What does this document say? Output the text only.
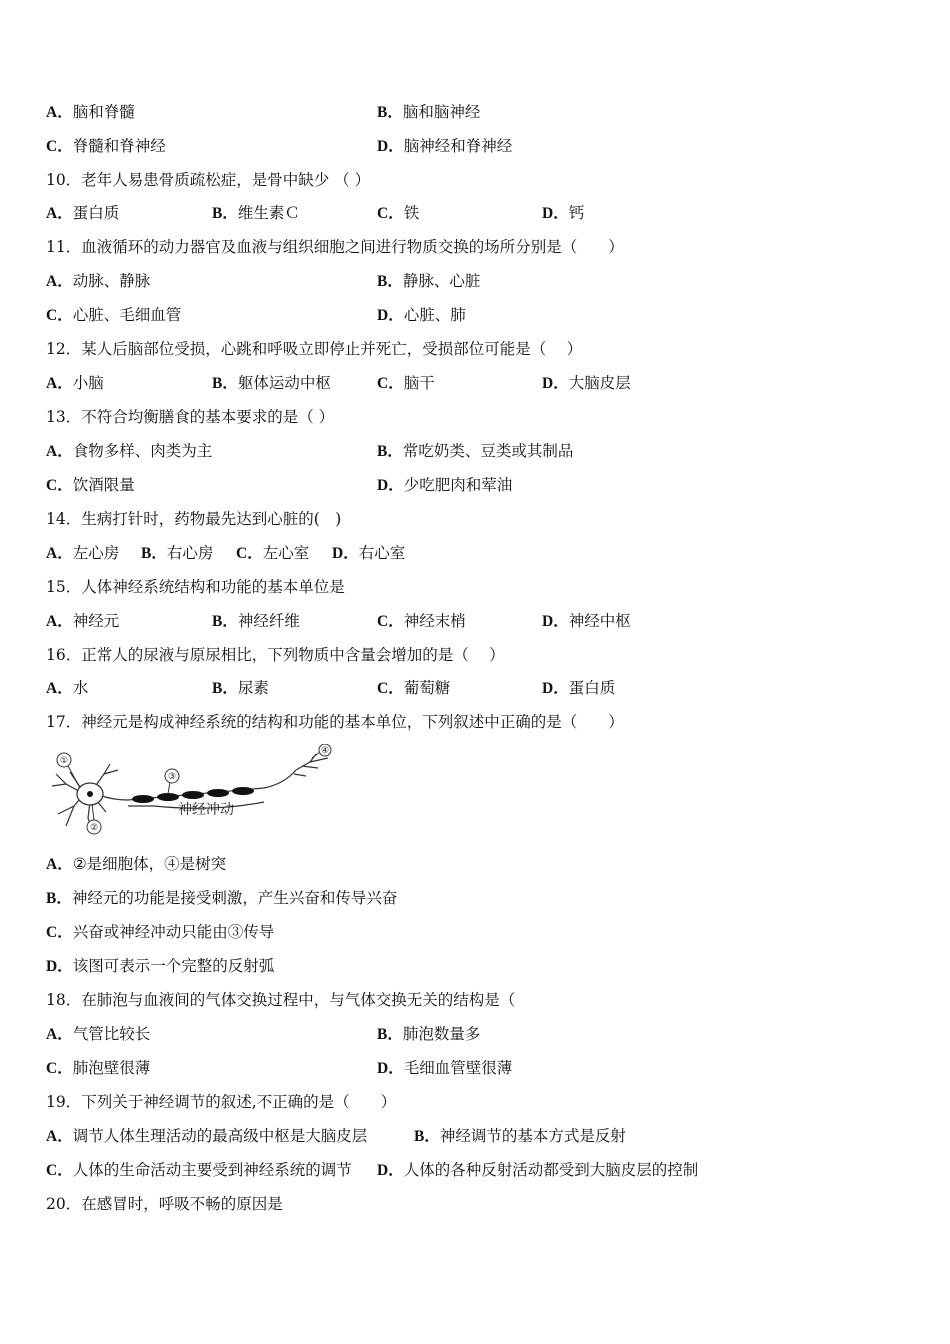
A．脑和脊髓	B．脑和脑神经
C．脊髓和脊神经	D．脑神经和脊神经
10．老年人易患骨质疏松症，是骨中缺少 （ ）
A．蛋白质	B．维生素Ｃ	C．铁	D．钙
11．血液循环的动力器官及血液与组织细胞之间进行物质交换的场所分别是（　　）
A．动脉、静脉	B．静脉、心脏
C．心脏、毛细血管	D．心脏、肺
12．某人后脑部位受损，心跳和呼吸立即停止并死亡，受损部位可能是（　 ）
A．小脑	B．躯体运动中枢	C．脑干	D．大脑皮层
13．不符合均衡膳食的基本要求的是（ ）
A．食物多样、肉类为主	B．常吃奶类、豆类或其制品
C．饮酒限量	D．少吃肥肉和荤油
14．生病打针时，药物最先达到心脏的(　)
A．左心房 B．右心房 C．左心室 D．右心室
15．人体神经系统结构和功能的基本单位是
A．神经元	B．神经纤维	C．神经末梢	D．神经中枢
16．正常人的尿液与原尿相比，下列物质中含量会增加的是（　 ）
A．水	B．尿素	C．葡萄糖	D．蛋白质
17．神经元是构成神经系统的结构和功能的基本单位，下列叙述中正确的是（　　）
①
②
③
④
神经冲动
A．②是细胞体，④是树突
B．神经元的功能是接受刺激，产生兴奋和传导兴奋
C．兴奋或神经冲动只能由③传导
D．该图可表示一个完整的反射弧
18．在肺泡与血液间的气体交换过程中，与气体交换无关的结构是（
A．气管比较长	B．肺泡数量多
C．肺泡壁很薄	D．毛细血管壁很薄
19．下列关于神经调节的叙述,不正确的是（　　）
A．调节人体生理活动的最高级中枢是大脑皮层	B．神经调节的基本方式是反射
C．人体的生命活动主要受到神经系统的调节 D．人体的各种反射活动都受到大脑皮层的控制
20．在感冒时，呼吸不畅的原因是
